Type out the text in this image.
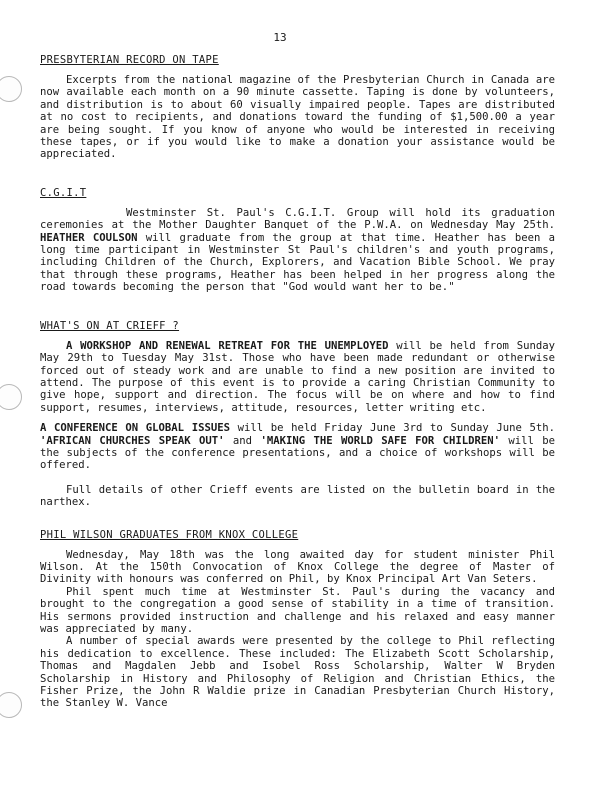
13
PRESBYTERIAN RECORD ON TAPE

Excerpts from the national magazine of the Presbyterian Church in Canada are now available each month on a 90 minute cassette. Taping is done by volunteers, and distribution is to about 60 visually impaired people. Tapes are distributed at no cost to recipients, and donations toward the funding of $1,500.00 a year are being sought. If you know of anyone who would be interested in receiving these tapes, or if you would like to make a donation your assistance would be appreciated.

C.G.I.T

Westminster St. Paul's C.G.I.T. Group will hold its graduation ceremonies at the Mother Daughter Banquet of the P.W.A. on Wednesday May 25th. HEATHER COULSON will graduate from the group at that time. Heather has been a long time participant in Westminster St Paul's children's and youth programs, including Children of the Church, Explorers, and Vacation Bible School. We pray that through these programs, Heather has been helped in her progress along the road towards becoming the person that "God would want her to be."

WHAT'S ON AT CRIEFF ?

A WORKSHOP AND RENEWAL RETREAT FOR THE UNEMPLOYED will be held from Sunday May 29th to Tuesday May 31st. Those who have been made redundant or otherwise forced out of steady work and are unable to find a new position are invited to attend. The purpose of this event is to provide a caring Christian Community to give hope, support and direction. The focus will be on where and how to find support, resumes, interviews, attitude, resources, letter writing etc.

A CONFERENCE ON GLOBAL ISSUES will be held Friday June 3rd to Sunday June 5th. 'AFRICAN CHURCHES SPEAK OUT' and 'MAKING THE WORLD SAFE FOR CHILDREN' will be the subjects of the conference presentations, and a choice of workshops will be offered.

Full details of other Crieff events are listed on the bulletin board in the narthex.

PHIL WILSON GRADUATES FROM KNOX COLLEGE

Wednesday, May 18th was the long awaited day for student minister Phil Wilson. At the 150th Convocation of Knox College the degree of Master of Divinity with honours was conferred on Phil, by Knox Principal Art Van Seters.

Phil spent much time at Westminster St. Paul's during the vacancy and brought to the congregation a good sense of stability in a time of transition. His sermons provided instruction and challenge and his relaxed and easy manner was appreciated by many.

A number of special awards were presented by the college to Phil reflecting his dedication to excellence. These included: The Elizabeth Scott Scholarship, Thomas and Magdalen Jebb and Isobel Ross Scholarship, Walter W Bryden Scholarship in History and Philosophy of Religion and Christian Ethics, the Fisher Prize, the John R Waldie prize in Canadian Presbyterian Church History, the Stanley W. Vance
